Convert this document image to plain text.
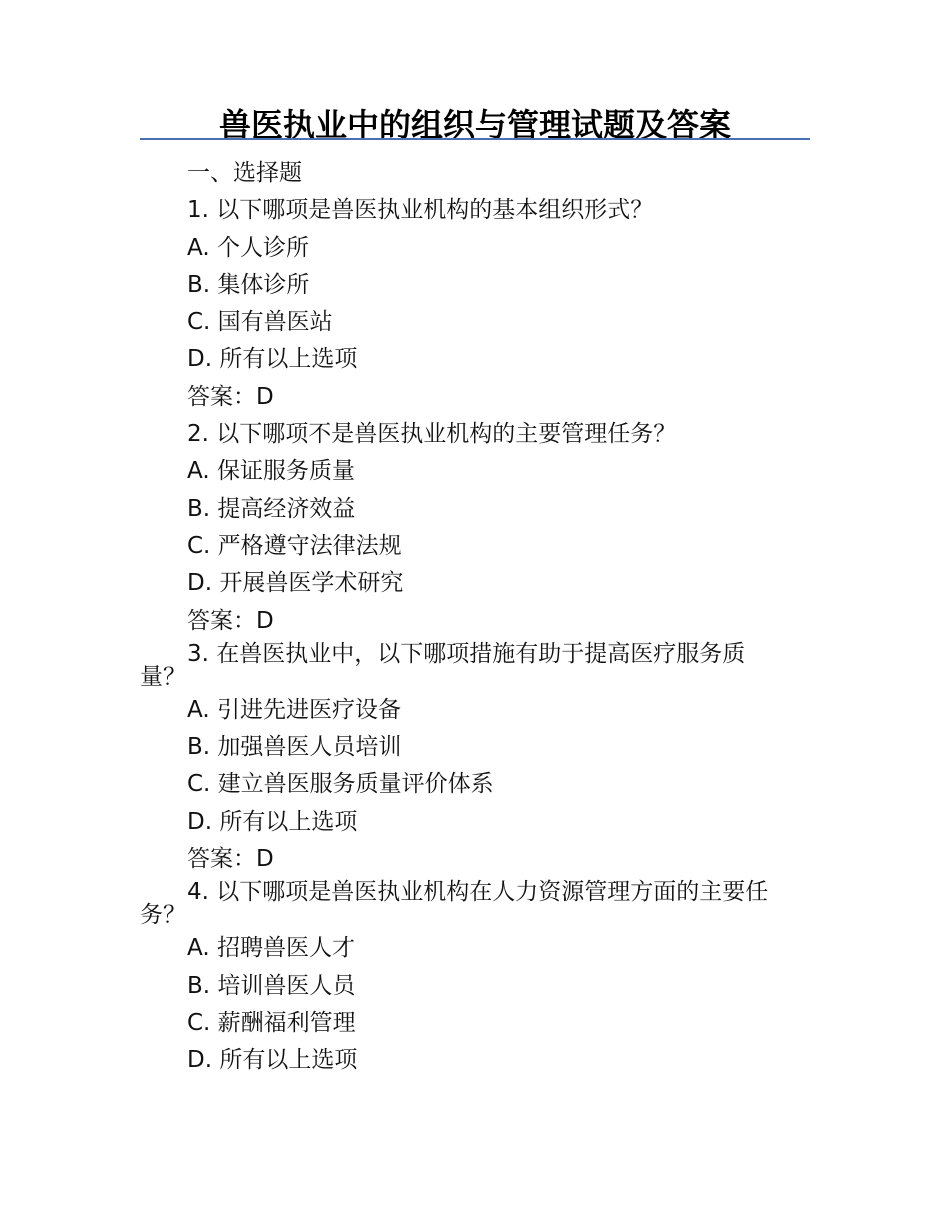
兽医执业中的组织与管理试题及答案

一、选择题

1. 以下哪项是兽医执业机构的基本组织形式？

A. 个人诊所

B. 集体诊所

C. 国有兽医站

D. 所有以上选项

答案：D

2. 以下哪项不是兽医执业机构的主要管理任务？

A. 保证服务质量

B. 提高经济效益

C. 严格遵守法律法规

D. 开展兽医学术研究

答案：D

3. 在兽医执业中，以下哪项措施有助于提高医疗服务质
量？

A. 引进先进医疗设备

B. 加强兽医人员培训

C. 建立兽医服务质量评价体系

D. 所有以上选项

答案：D

4. 以下哪项是兽医执业机构在人力资源管理方面的主要任
务？

A. 招聘兽医人才

B. 培训兽医人员

C. 薪酬福利管理

D. 所有以上选项
